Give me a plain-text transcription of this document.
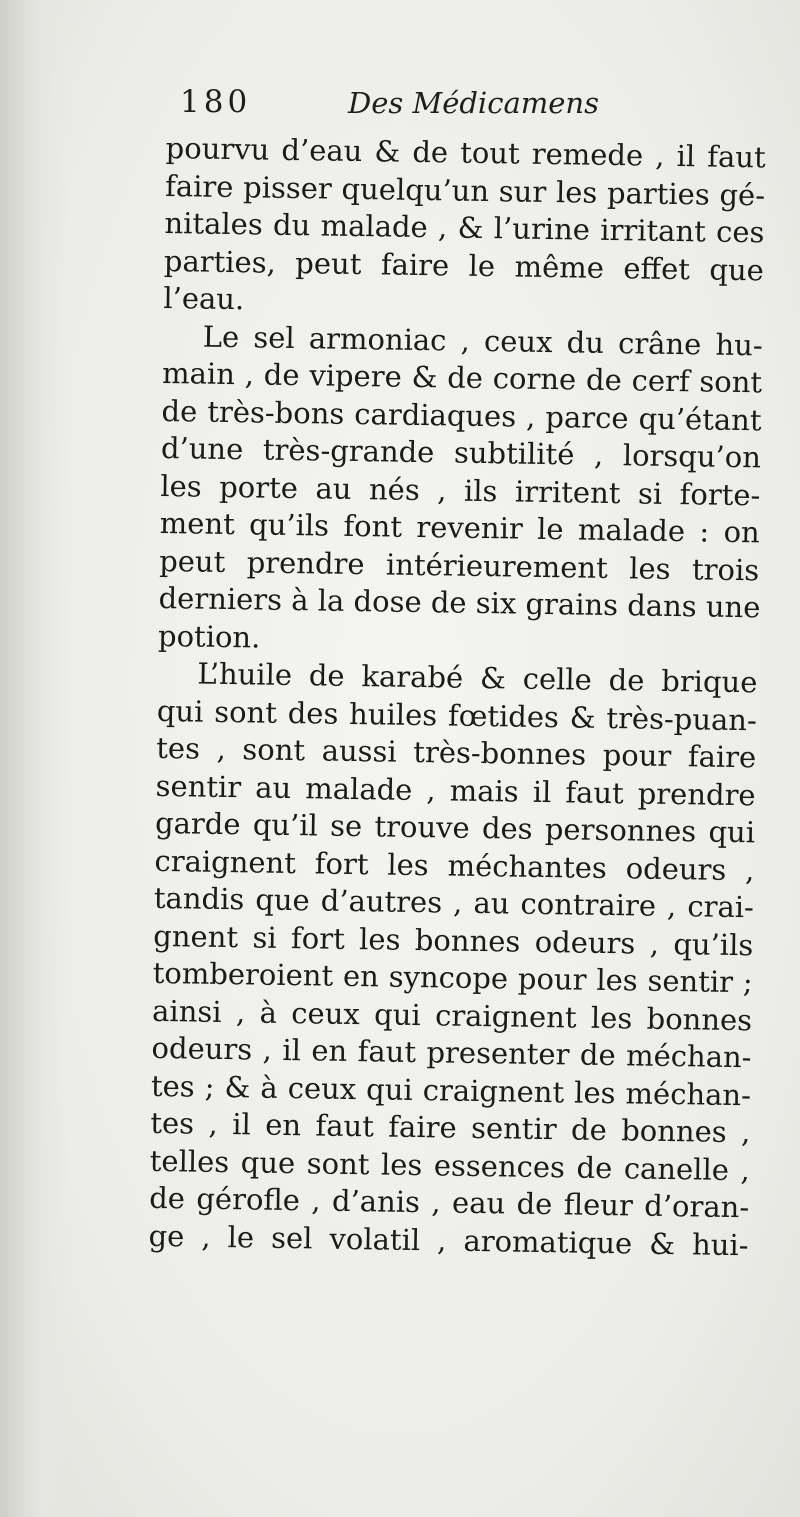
180	Des Médicamens
pourvu d’eau & de tout remede , il faut
faire pisser quelqu’un sur les parties gé-
nitales du malade , & l’urine irritant ces
parties, peut faire le même effet que
l’eau.
Le sel armoniac , ceux du crâne hu-
main , de vipere & de corne de cerf sont
de très-bons cardiaques , parce qu’étant
d’une très-grande subtilité , lorsqu’on
les porte au nés , ils irritent si forte-
ment qu’ils font revenir le malade : on
peut prendre intérieurement les trois
derniers à la dose de six grains dans une
potion.
L’huile de karabé & celle de brique
qui sont des huiles fœtides & très-puan-
tes , sont aussi très-bonnes pour faire
sentir au malade , mais il faut prendre
garde qu’il se trouve des personnes qui
craignent fort les méchantes odeurs ,
tandis que d’autres , au contraire , crai-
gnent si fort les bonnes odeurs , qu’ils
tomberoient en syncope pour les sentir ;
ainsi , à ceux qui craignent les bonnes
odeurs , il en faut presenter de méchan-
tes ; & à ceux qui craignent les méchan-
tes , il en faut faire sentir de bonnes ,
telles que sont les essences de canelle ,
de gérofle , d’anis , eau de fleur d’oran-
ge , le sel volatil , aromatique & hui-
